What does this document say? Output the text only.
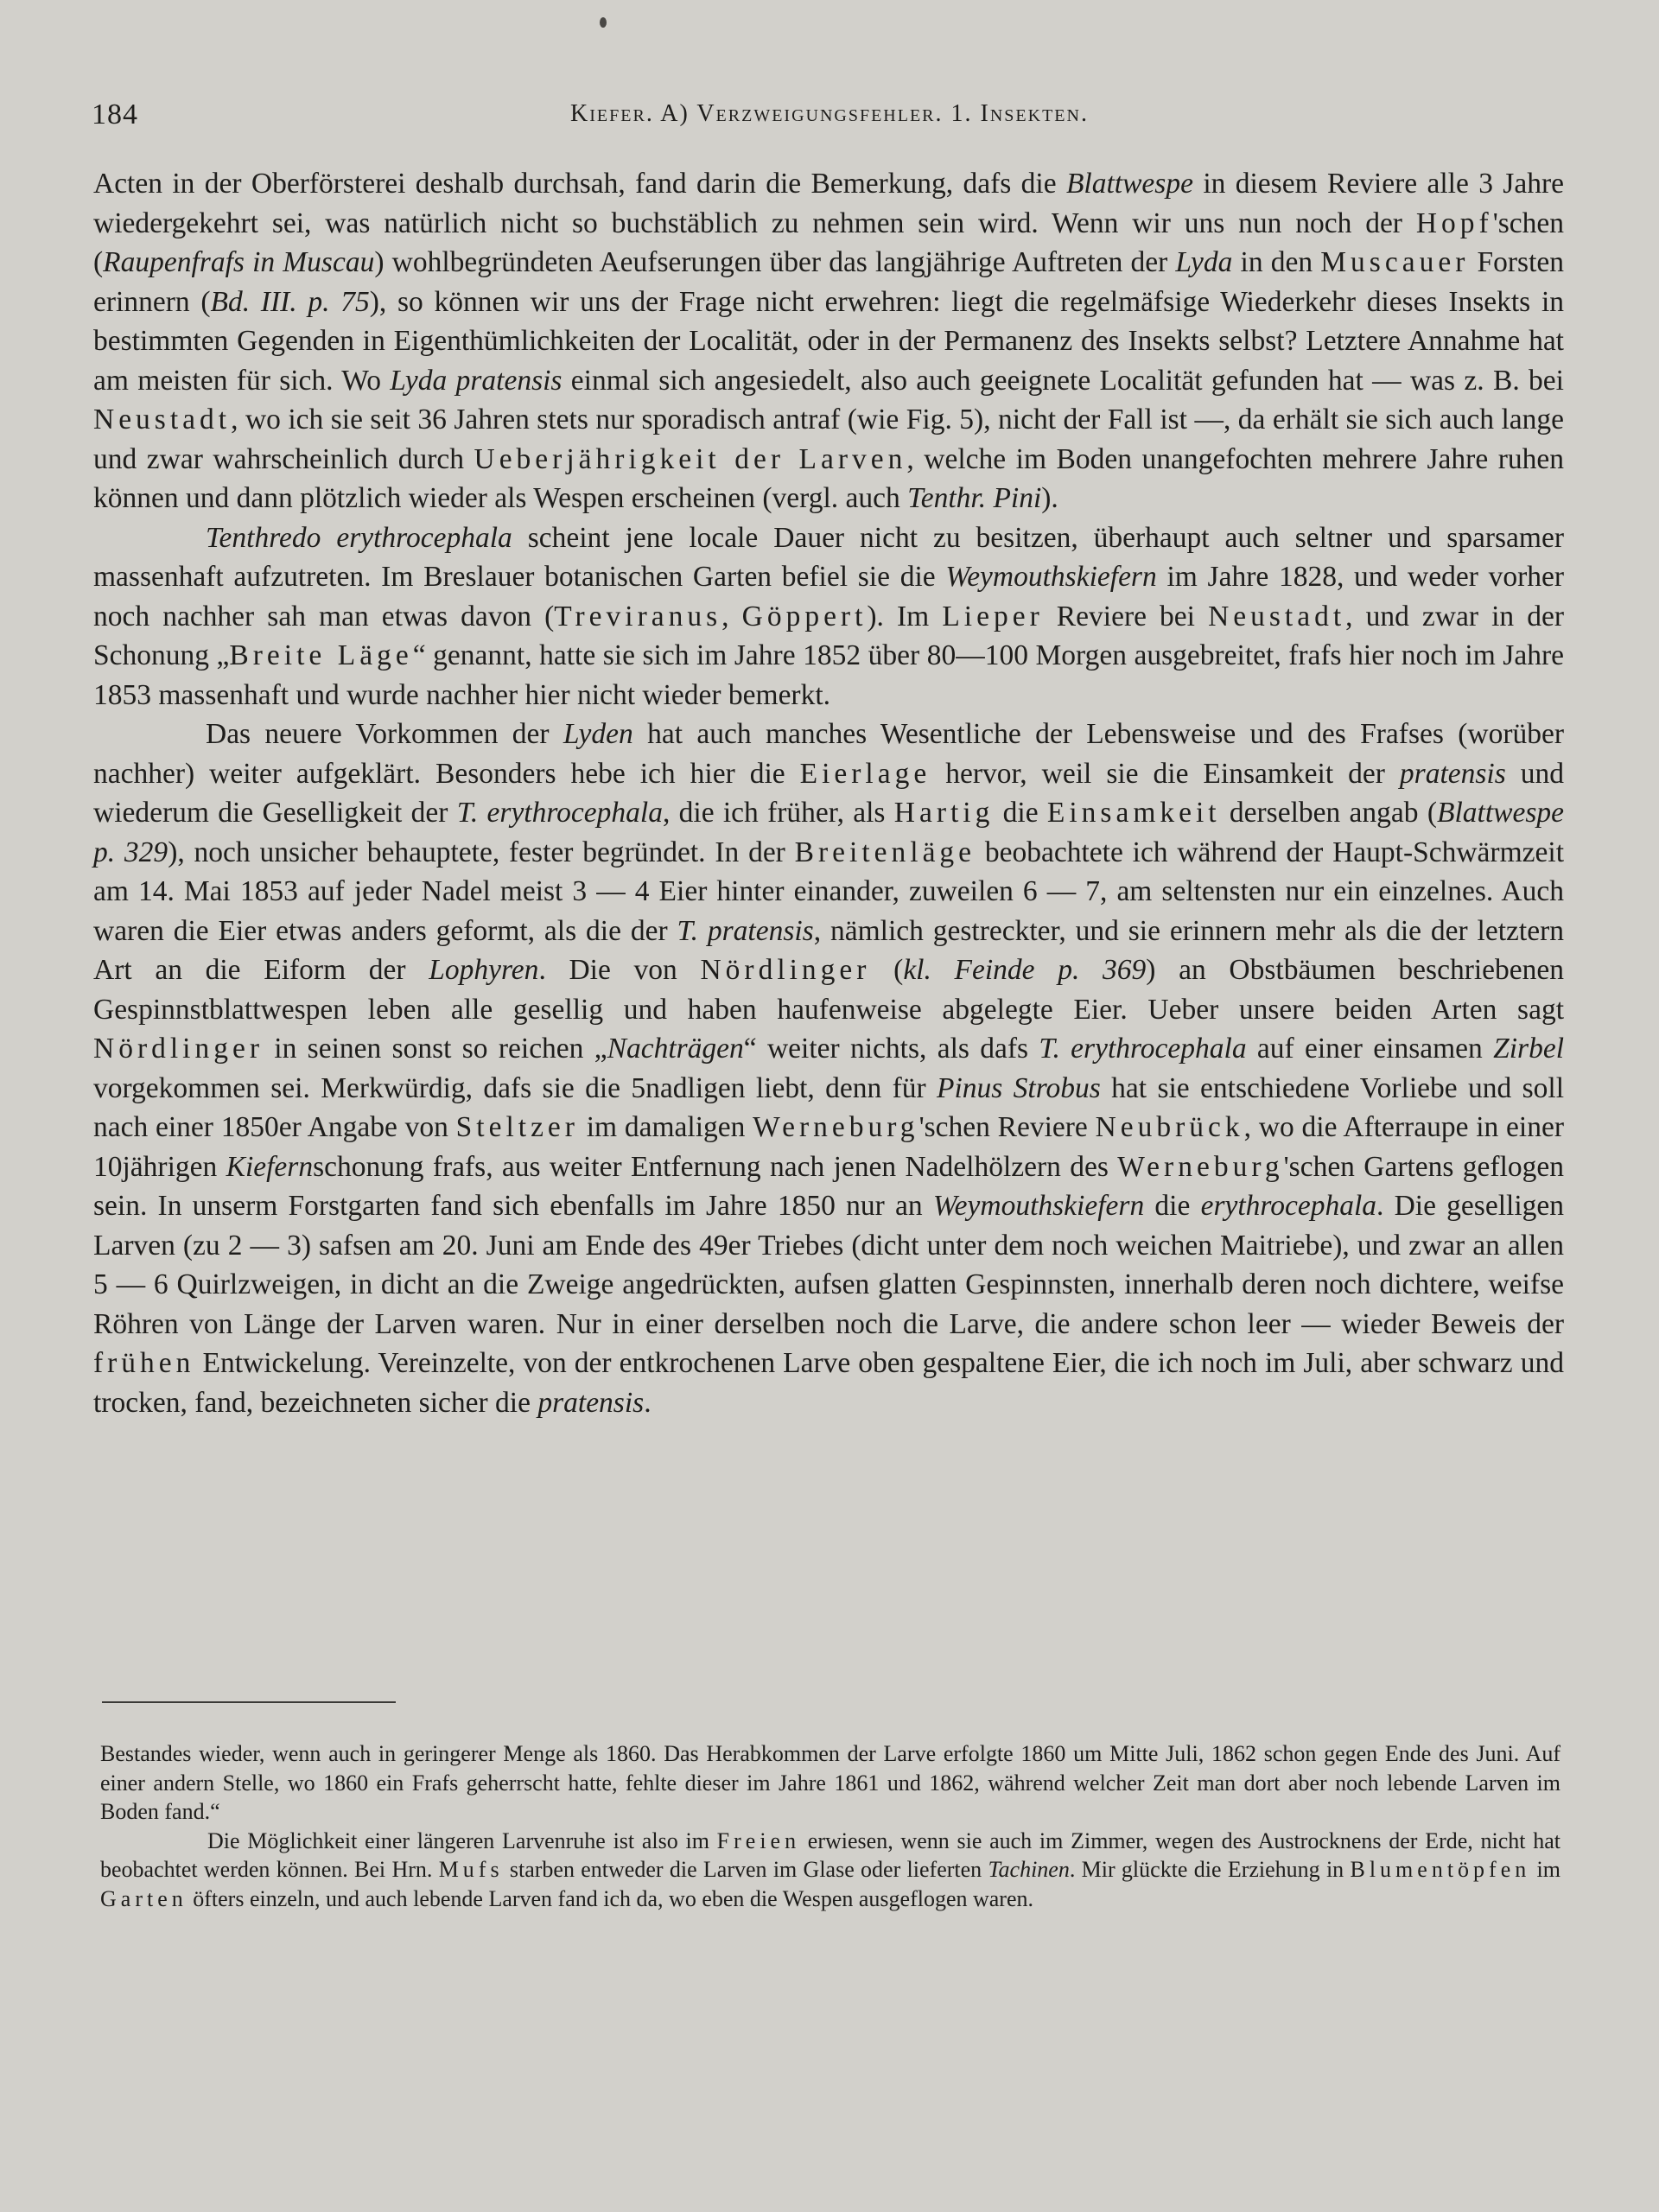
184	Kiefer. A) Verzweigungsfehler. 1. Insekten.

Acten in der Oberförsterei deshalb durchsah, fand darin die Bemerkung, dafs die Blattwespe in diesem Reviere alle 3 Jahre wiedergekehrt sei, was natürlich nicht so buchstäblich zu nehmen sein wird. Wenn wir uns nun noch der Hopf'schen (Raupenfrafs in Muscau) wohlbegründeten Aeufserungen über das langjährige Auftreten der Lyda in den Muscauer Forsten erinnern (Bd. III. p. 75), so können wir uns der Frage nicht erwehren: liegt die regelmäfsige Wiederkehr dieses Insekts in bestimmten Gegenden in Eigenthümlichkeiten der Localität, oder in der Permanenz des Insekts selbst? Letztere Annahme hat am meisten für sich. Wo Lyda pratensis einmal sich angesiedelt, also auch geeignete Localität gefunden hat — was z. B. bei Neustadt, wo ich sie seit 36 Jahren stets nur sporadisch antraf (wie Fig. 5), nicht der Fall ist —, da erhält sie sich auch lange und zwar wahrscheinlich durch Ueberjährigkeit der Larven, welche im Boden unangefochten mehrere Jahre ruhen können und dann plötzlich wieder als Wespen erscheinen (vergl. auch Tenthr. Pini).

Tenthredo erythrocephala scheint jene locale Dauer nicht zu besitzen, überhaupt auch seltner und sparsamer massenhaft aufzutreten. Im Breslauer botanischen Garten befiel sie die Weymouthskiefern im Jahre 1828, und weder vorher noch nachher sah man etwas davon (Treviranus, Göppert). Im Lieper Reviere bei Neustadt, und zwar in der Schonung „Breite Läge“ genannt, hatte sie sich im Jahre 1852 über 80—100 Morgen ausgebreitet, frafs hier noch im Jahre 1853 massenhaft und wurde nachher hier nicht wieder bemerkt.

Das neuere Vorkommen der Lyden hat auch manches Wesentliche der Lebensweise und des Frafses (worüber nachher) weiter aufgeklärt. Besonders hebe ich hier die Eierlage hervor, weil sie die Einsamkeit der pratensis und wiederum die Geselligkeit der T. erythrocephala, die ich früher, als Hartig die Einsamkeit derselben angab (Blattwespe p. 329), noch unsicher behauptete, fester begründet. In der Breitenläge beobachtete ich während der Haupt-Schwärmzeit am 14. Mai 1853 auf jeder Nadel meist 3 — 4 Eier hinter einander, zuweilen 6 — 7, am seltensten nur ein einzelnes. Auch waren die Eier etwas anders geformt, als die der T. pratensis, nämlich gestreckter, und sie erinnern mehr als die der letztern Art an die Eiform der Lophyren. Die von Nördlinger (kl. Feinde p. 369) an Obstbäumen beschriebenen Gespinnstblattwespen leben alle gesellig und haben haufenweise abgelegte Eier. Ueber unsere beiden Arten sagt Nördlinger in seinen sonst so reichen „Nachträgen“ weiter nichts, als dafs T. erythrocephala auf einer einsamen Zirbel vorgekommen sei. Merkwürdig, dafs sie die 5nadligen liebt, denn für Pinus Strobus hat sie entschiedene Vorliebe und soll nach einer 1850er Angabe von Steltzer im damaligen Werneburg'schen Reviere Neubrück, wo die Afterraupe in einer 10jährigen Kiefernschonung frafs, aus weiter Entfernung nach jenen Nadelhölzern des Werneburg'schen Gartens geflogen sein. In unserm Forstgarten fand sich ebenfalls im Jahre 1850 nur an Weymouthskiefern die erythrocephala. Die geselligen Larven (zu 2 — 3) safsen am 20. Juni am Ende des 49er Triebes (dicht unter dem noch weichen Maitriebe), und zwar an allen 5 — 6 Quirlzweigen, in dicht an die Zweige angedrückten, aufsen glatten Gespinnsten, innerhalb deren noch dichtere, weifse Röhren von Länge der Larven waren. Nur in einer derselben noch die Larve, die andere schon leer — wieder Beweis der frühen Entwickelung. Vereinzelte, von der entkrochenen Larve oben gespaltene Eier, die ich noch im Juli, aber schwarz und trocken, fand, bezeichneten sicher die pratensis.

Bestandes wieder, wenn auch in geringerer Menge als 1860. Das Herabkommen der Larve erfolgte 1860 um Mitte Juli, 1862 schon gegen Ende des Juni. Auf einer andern Stelle, wo 1860 ein Frafs geherrscht hatte, fehlte dieser im Jahre 1861 und 1862, während welcher Zeit man dort aber noch lebende Larven im Boden fand.“

Die Möglichkeit einer längeren Larvenruhe ist also im Freien erwiesen, wenn sie auch im Zimmer, wegen des Austrocknens der Erde, nicht hat beobachtet werden können. Bei Hrn. Mufs starben entweder die Larven im Glase oder lieferten Tachinen. Mir glückte die Erziehung in Blumentöpfen im Garten öfters einzeln, und auch lebende Larven fand ich da, wo eben die Wespen ausgeflogen waren.
